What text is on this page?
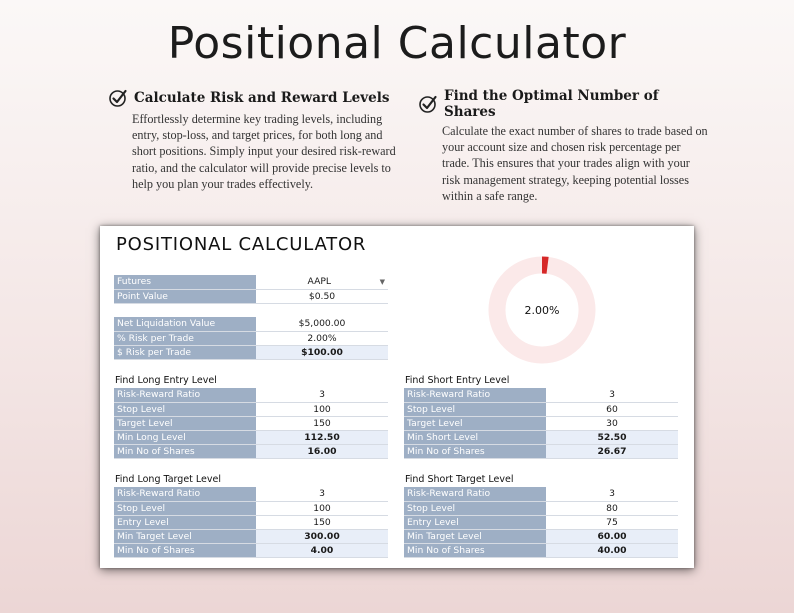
Positional Calculator
Calculate Risk and Reward Levels

Effortlessly determine key trading levels, including entry, stop-loss, and target prices, for both long and short positions. Simply input your desired risk-reward ratio, and the calculator will provide precise levels to help you plan your trades effectively.

Find the Optimal Number of Shares

Calculate the exact number of shares to trade based on your account size and chosen risk percentage per trade. This ensures that your trades align with your risk management strategy, keeping potential losses within a safe range.

POSITIONAL CALCULATOR
Futures	AAPL ▼

Point Value	$0.50
Net Liquidation Value	$5,000.00
% Risk per Trade	2.00%
$ Risk per Trade	$100.00
2.00%
Find Long Entry Level
Risk-Reward Ratio	3
Stop Level	100
Target Level	150
Min Long Level	112.50
Min No of Shares	16.00
Find Short Entry Level
Risk-Reward Ratio	3
Stop Level	60
Target Level	30
Min Short Level	52.50
Min No of Shares	26.67
Find Long Target Level
Risk-Reward Ratio	3
Stop Level	100
Entry Level	150
Min Target Level	300.00
Min No of Shares	4.00
Find Short Target Level
Risk-Reward Ratio	3
Stop Level	80
Entry Level	75
Min Target Level	60.00
Min No of Shares	40.00
